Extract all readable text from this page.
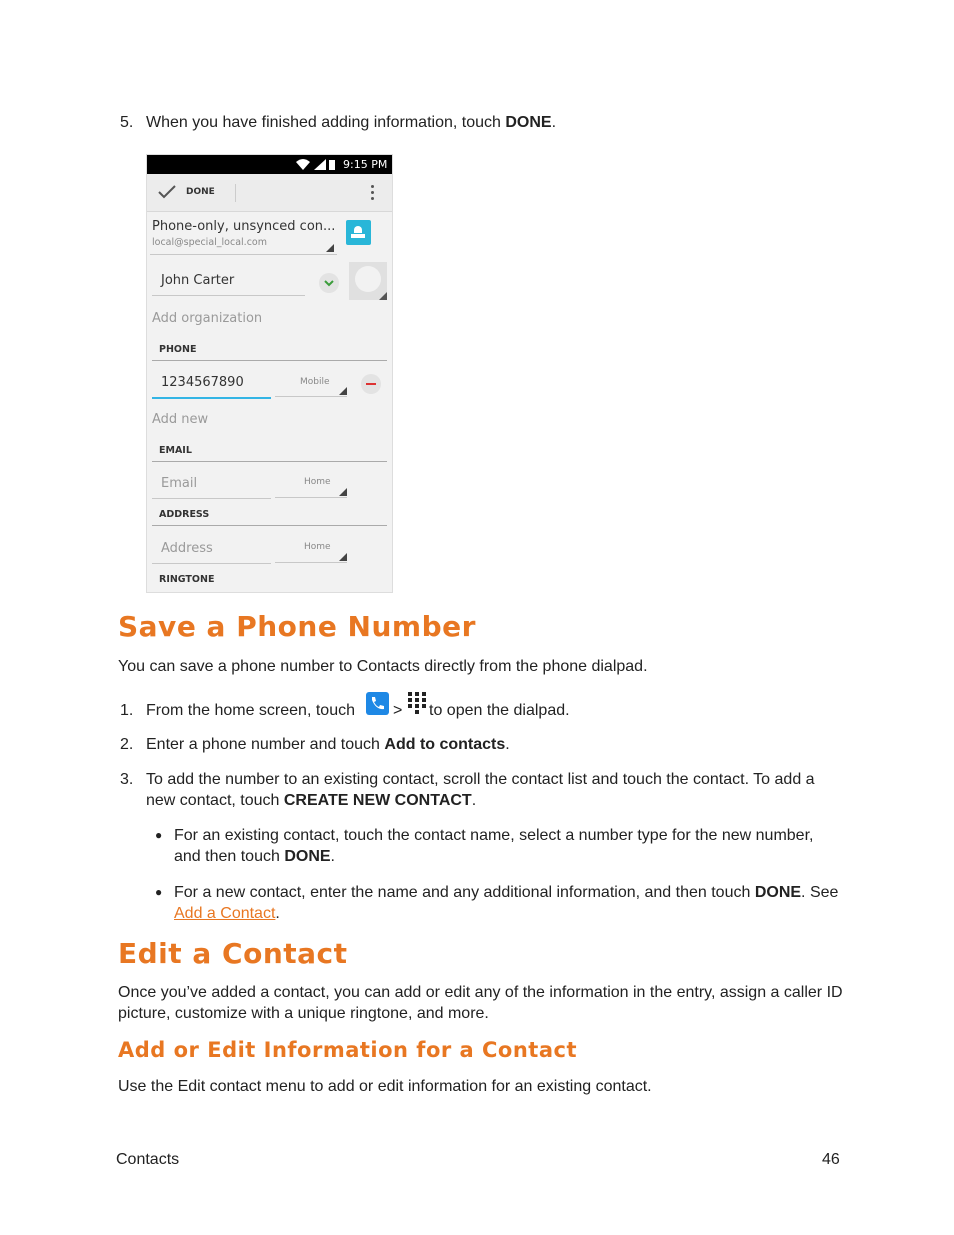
5. When you have finished adding information, touch DONE.
9:15 PM
DONE
Phone-only, unsynced con...
local@special_local.com
John Carter
Add organization
PHONE
1234567890	Mobile
Add new
EMAIL
Email	Home
ADDRESS
Address	Home
RINGTONE
Save a Phone Number
You can save a phone number to Contacts directly from the phone dialpad.
1. From the home screen, touch > to open the dialpad.
2. Enter a phone number and touch Add to contacts.
3. To add the number to an existing contact, scroll the contact list and touch the contact. To add a new contact, touch CREATE NEW CONTACT.
● For an existing contact, touch the contact name, select a number type for the new number, and then touch DONE.
● For a new contact, enter the name and any additional information, and then touch DONE. See Add a Contact.
Edit a Contact
Once you’ve added a contact, you can add or edit any of the information in the entry, assign a caller ID picture, customize with a unique ringtone, and more.
Add or Edit Information for a Contact
Use the Edit contact menu to add or edit information for an existing contact.
Contacts	46
